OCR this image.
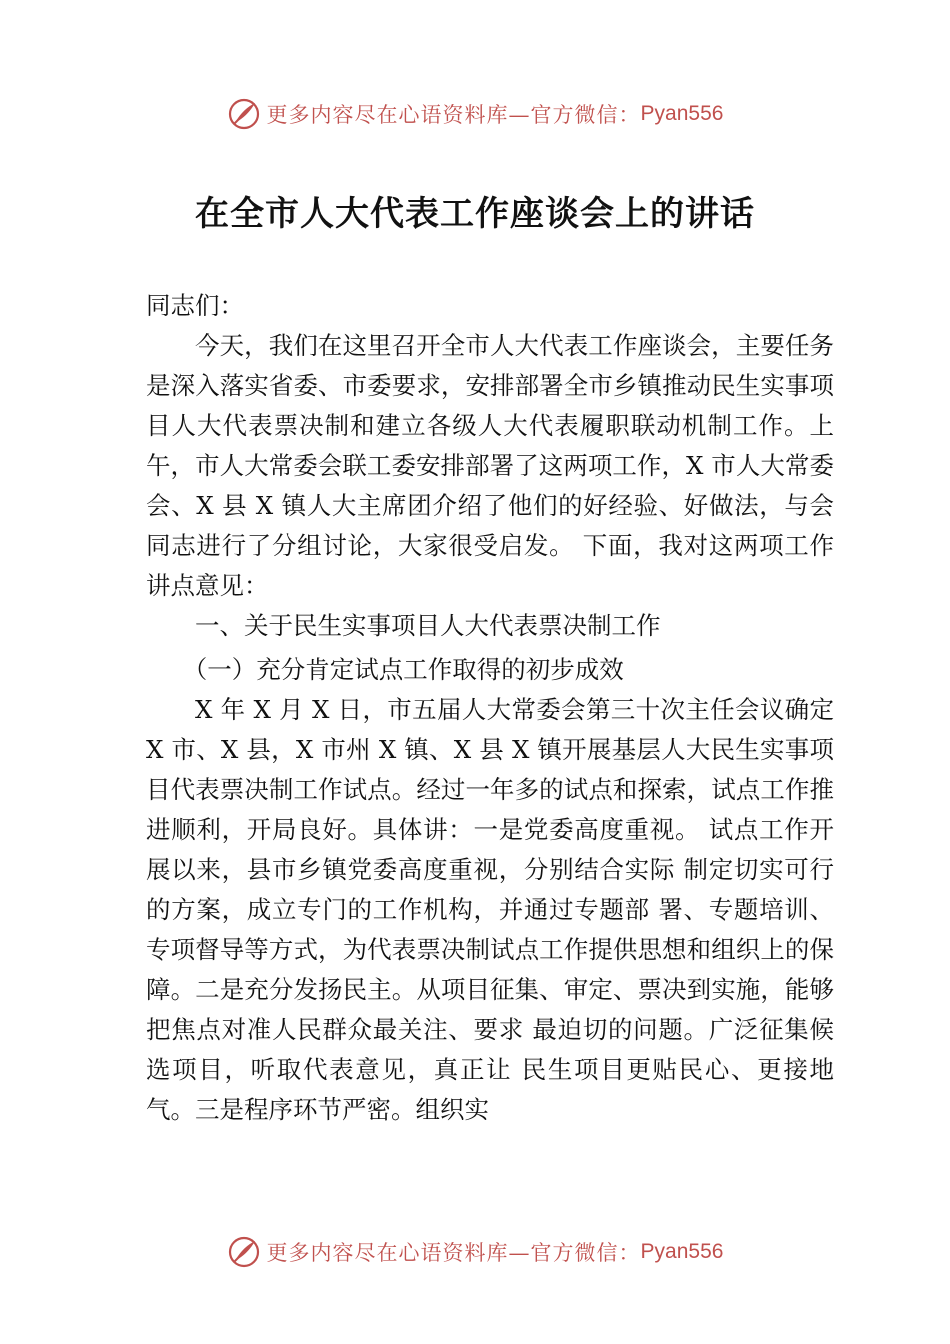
更多内容尽在心语资料库—官方微信： Pyan556
在全市人大代表工作座谈会上的讲话

同志们：

今天，我们在这里召开全市人大代表工作座谈会，主要任务是深入落实省委、市委要求，安排部署全市乡镇推动民生实事项目人大代表票决制和建立各级人大代表履职联动机制工作。上午，市人大常委会联工委安排部署了这两项工作，X 市人大常委会、X 县 X 镇人大主席团介绍了他们的好经验、好做法，与会同志进行了分组讨论，大家很受启发。 下面，我对这两项工作讲点意见：

一、关于民生实事项目人大代表票决制工作

（一）充分肯定试点工作取得的初步成效

X 年 X 月 X 日，市五届人大常委会第三十次主任会议确定 X 市、X 县，X 市州 X 镇、X 县 X 镇开展基层人大民生实事项目代表票决制工作试点。经过一年多的试点和探索，试点工作推进顺利，开局良好。具体讲：一是党委高度重视。 试点工作开展以来，县市乡镇党委高度重视，分别结合实际 制定切实可行的方案，成立专门的工作机构，并通过专题部 署、专题培训、专项督导等方式，为代表票决制试点工作提供思想和组织上的保障。二是充分发扬民主。从项目征集、审定、票决到实施，能够把焦点对准人民群众最关注、要求 最迫切的问题。广泛征集候选项目，听取代表意见，真正让 民生项目更贴民心、更接地气。三是程序环节严密。组织实

更多内容尽在心语资料库—官方微信： Pyan556
